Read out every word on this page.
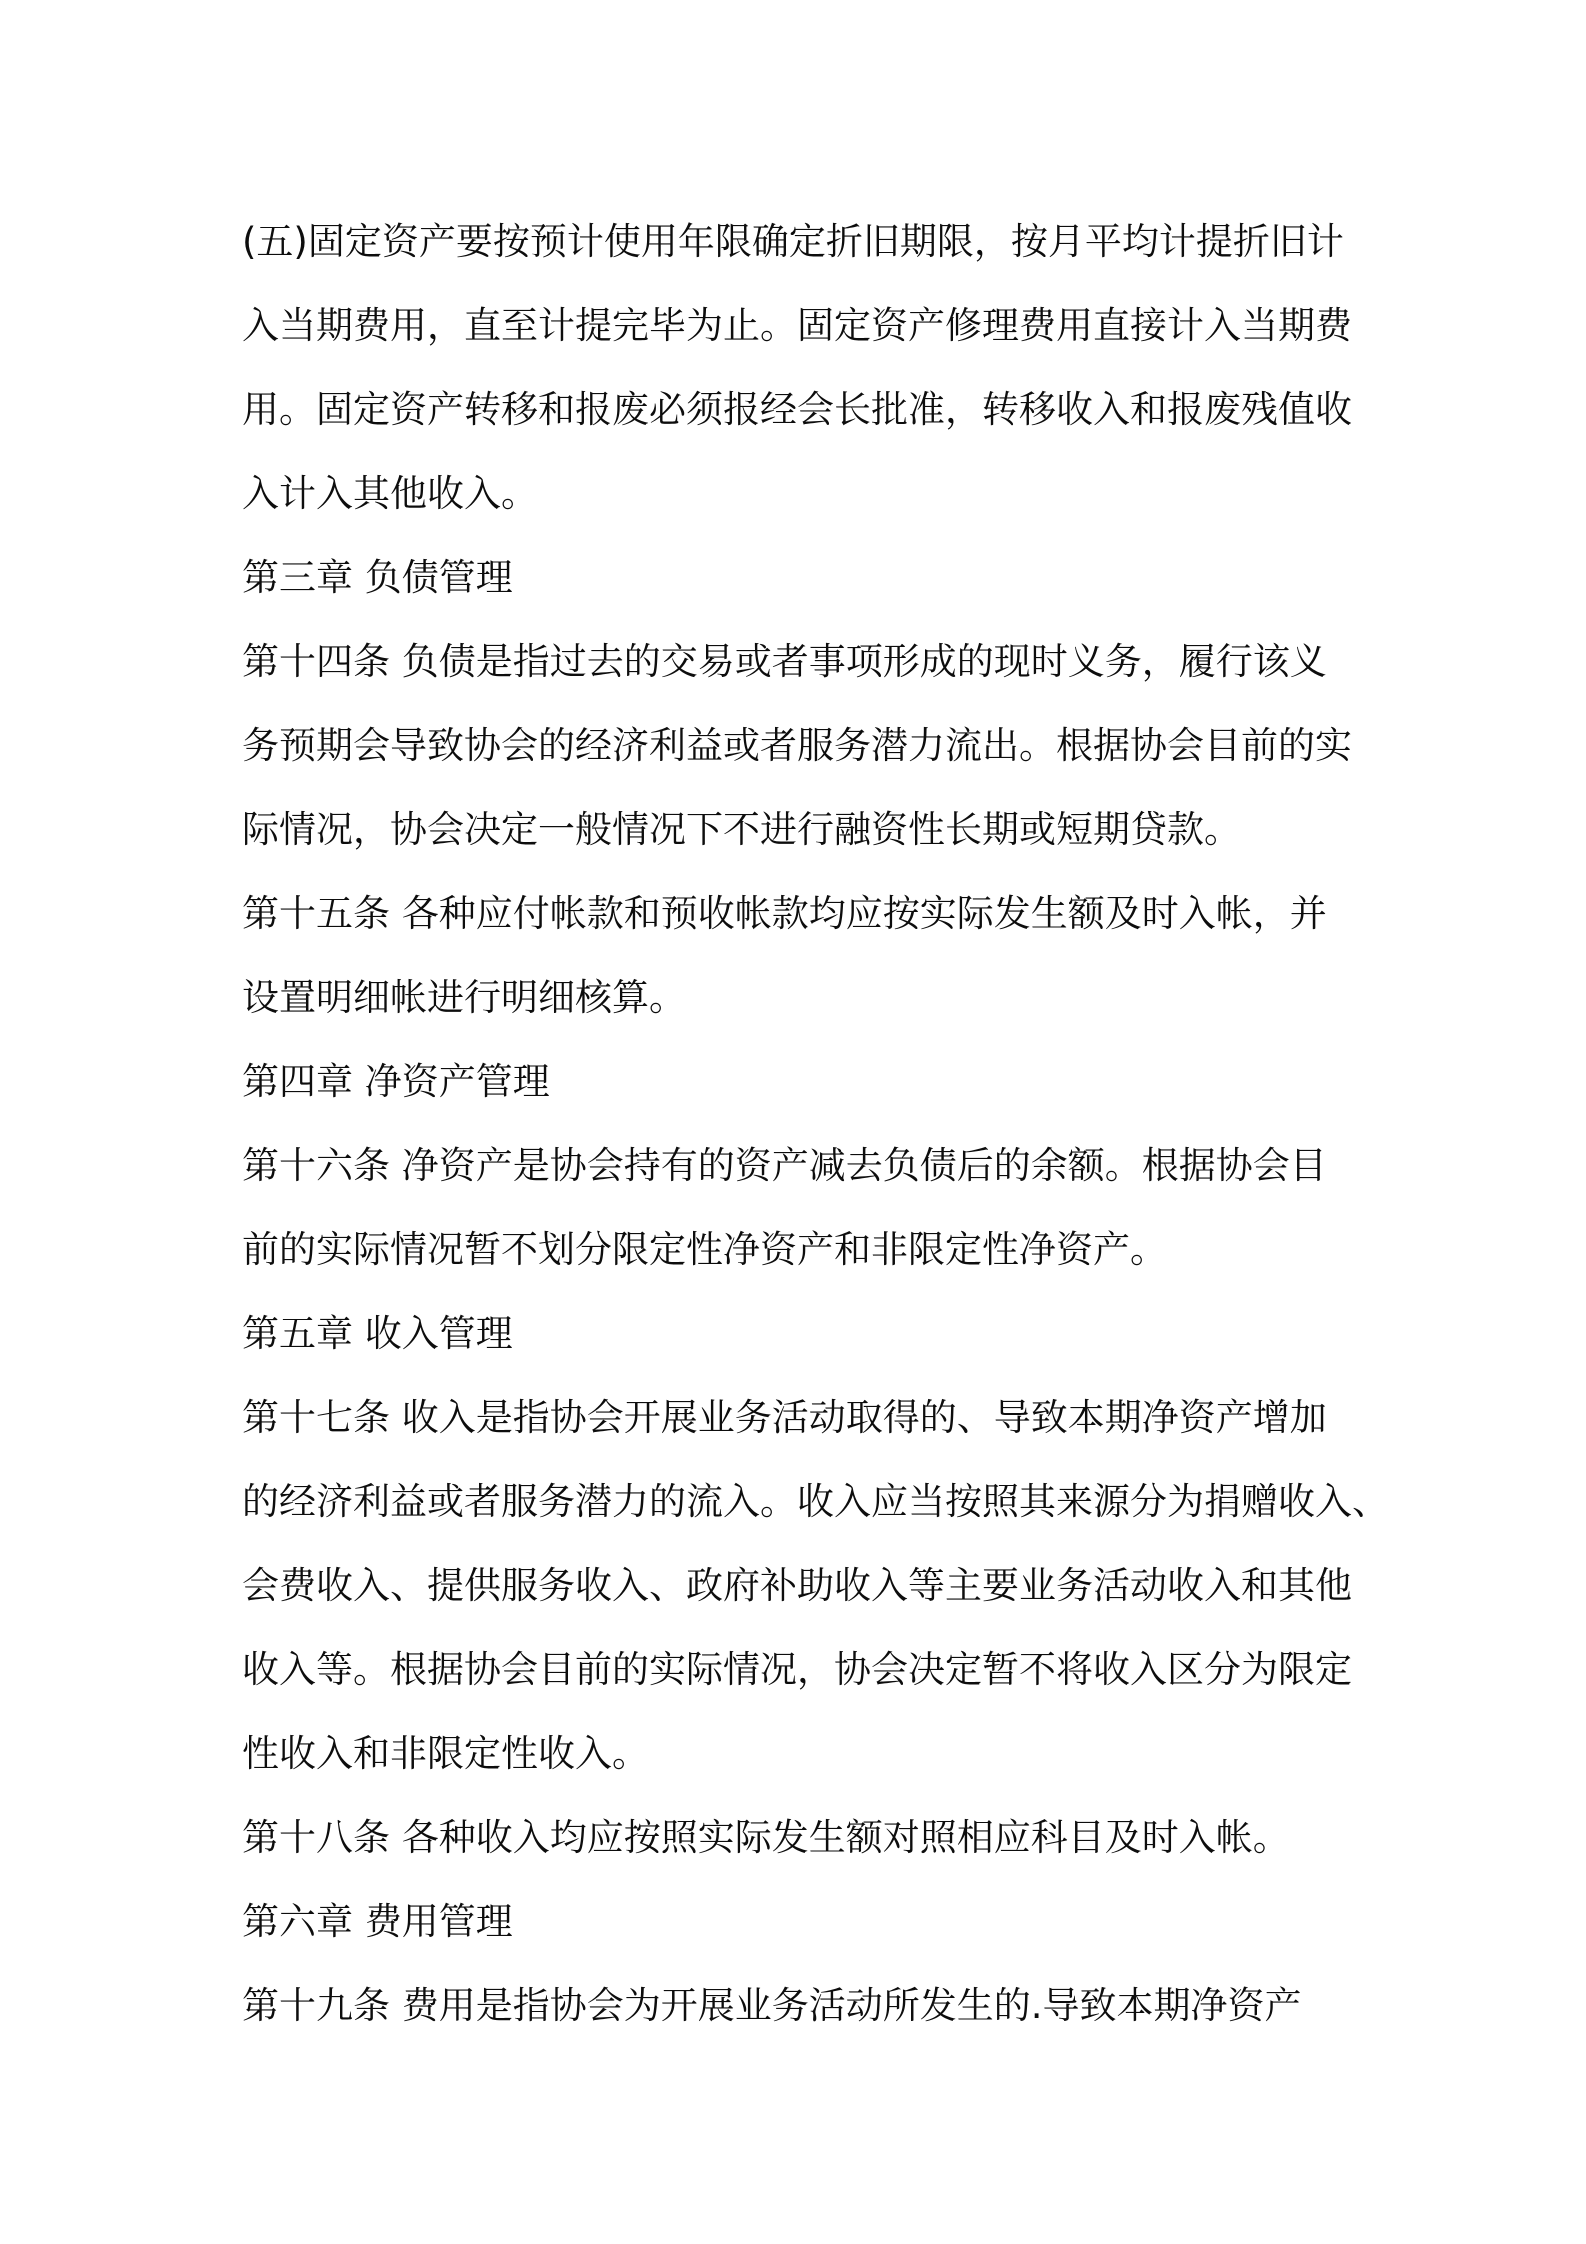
(五)固定资产要按预计使用年限确定折旧期限，按月平均计提折旧计
入当期费用，直至计提完毕为止。固定资产修理费用直接计入当期费
用。固定资产转移和报废必须报经会长批准，转移收入和报废残值收
入计入其他收入。
第三章 负债管理
第十四条 负债是指过去的交易或者事项形成的现时义务，履行该义
务预期会导致协会的经济利益或者服务潜力流出。根据协会目前的实
际情况，协会决定一般情况下不进行融资性长期或短期贷款。
第十五条 各种应付帐款和预收帐款均应按实际发生额及时入帐，并
设置明细帐进行明细核算。
第四章 净资产管理
第十六条 净资产是协会持有的资产减去负债后的余额。根据协会目
前的实际情况暂不划分限定性净资产和非限定性净资产。
第五章 收入管理
第十七条 收入是指协会开展业务活动取得的、导致本期净资产增加
的经济利益或者服务潜力的流入。收入应当按照其来源分为捐赠收入、
会费收入、提供服务收入、政府补助收入等主要业务活动收入和其他
收入等。根据协会目前的实际情况，协会决定暂不将收入区分为限定
性收入和非限定性收入。
第十八条 各种收入均应按照实际发生额对照相应科目及时入帐。
第六章 费用管理
第十九条 费用是指协会为开展业务活动所发生的.导致本期净资产
